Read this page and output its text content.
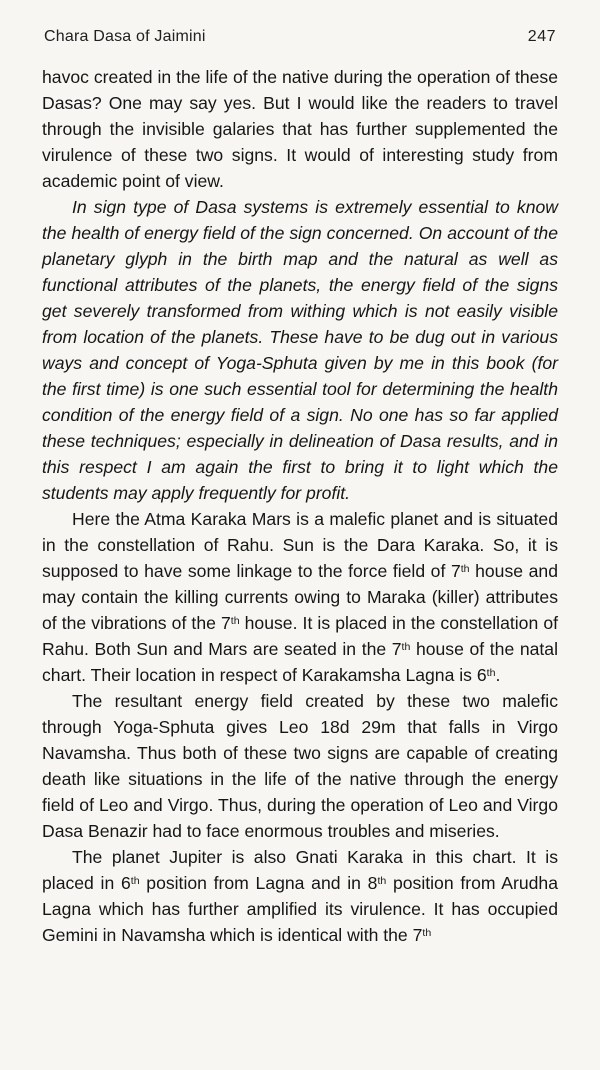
Chara Dasa of Jaimini	247

havoc created in the life of the native during the operation of these Dasas? One may say yes. But I would like the readers to travel through the invisible galaries that has further supplemented the virulence of these two signs. It would of interesting study from academic point of view.

In sign type of Dasa systems is extremely essential to know the health of energy field of the sign concerned. On account of the planetary glyph in the birth map and the natural as well as functional attributes of the planets, the energy field of the signs get severely transformed from withing which is not easily visible from location of the planets. These have to be dug out in various ways and concept of Yoga-Sphuta given by me in this book (for the first time) is one such essential tool for determining the health condition of the energy field of a sign. No one has so far applied these techniques; especially in delineation of Dasa results, and in this respect I am again the first to bring it to light which the students may apply frequently for profit.

Here the Atma Karaka Mars is a malefic planet and is situated in the constellation of Rahu. Sun is the Dara Karaka. So, it is supposed to have some linkage to the force field of 7th house and may contain the killing currents owing to Maraka (killer) attributes of the vibrations of the 7th house. It is placed in the constellation of Rahu. Both Sun and Mars are seated in the 7th house of the natal chart. Their location in respect of Karakamsha Lagna is 6th.

The resultant energy field created by these two malefic through Yoga-Sphuta gives Leo 18d 29m that falls in Virgo Navamsha. Thus both of these two signs are capable of creating death like situations in the life of the native through the energy field of Leo and Virgo. Thus, during the operation of Leo and Virgo Dasa Benazir had to face enormous troubles and miseries.

The planet Jupiter is also Gnati Karaka in this chart. It is placed in 6th position from Lagna and in 8th position from Arudha Lagna which has further amplified its virulence. It has occupied Gemini in Navamsha which is identical with the 7th
